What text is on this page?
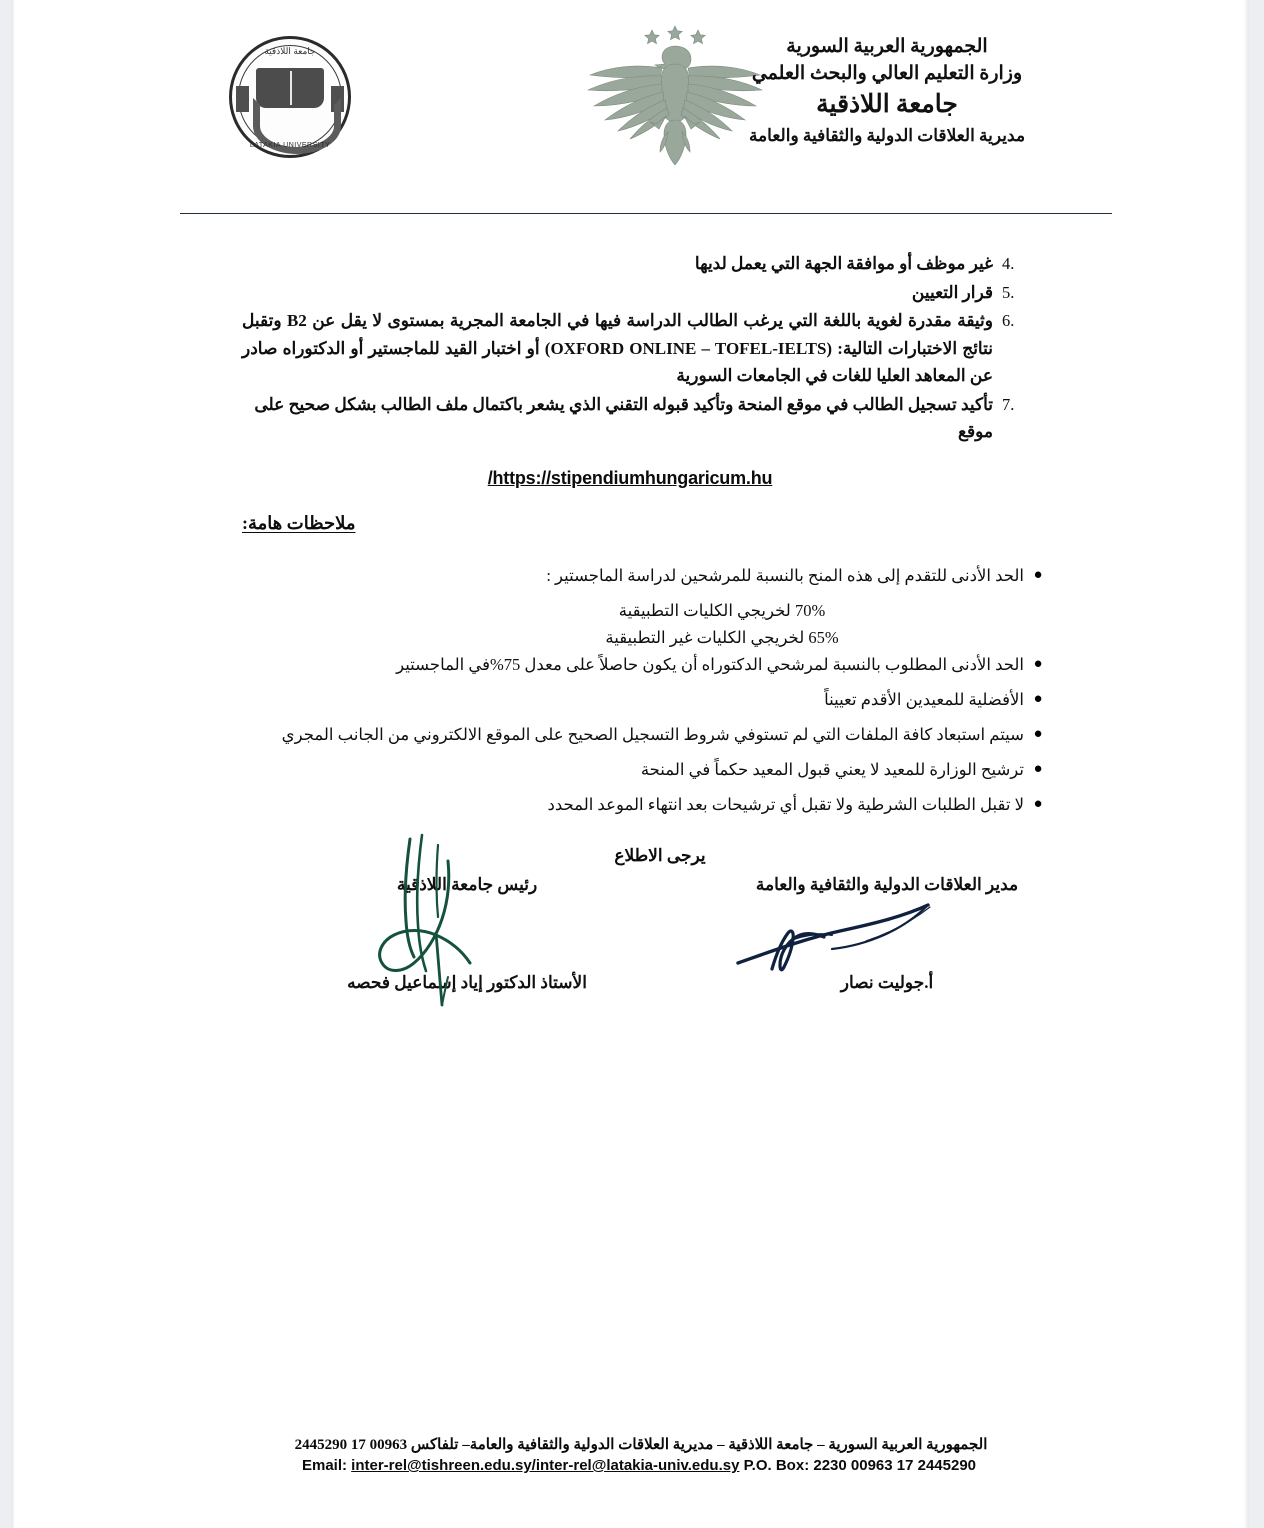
جامعة اللاذقية
LATAKIA UNIVERSITY
الجمهورية العربية السورية
وزارة التعليم العالي والبحث العلمي
جامعة اللاذقية
مديرية العلاقات الدولية والثقافية والعامة
.4
غير موظف أو موافقة الجهة التي يعمل لديها
.5
قرار التعيين
.6
وثيقة مقدرة لغوية باللغة التي يرغب الطالب الدراسة فيها في الجامعة المجرية بمستوى لا يقل عن B2 وتقبل نتائج الاختبارات التالية: (OXFORD ONLINE – TOFEL-IELTS) أو اختبار القيد للماجستير أو الدكتوراه صادر عن المعاهد العليا للغات في الجامعات السورية
.7
تأكيد تسجيل الطالب في موقع المنحة وتأكيد قبوله التقني الذي يشعر باكتمال ملف الطالب بشكل صحيح على موقع
/https://stipendiumhungaricum.hu
ملاحظات هامة:
●
الحد الأدنى للتقدم إلى هذه المنح بالنسبة للمرشحين لدراسة الماجستير :
70% لخريجي الكليات التطبيقية
65% لخريجي الكليات غير التطبيقية
●
الحد الأدنى المطلوب بالنسبة لمرشحي الدكتوراه أن يكون حاصلاً على معدل 75%في الماجستير
●
الأفضلية للمعيدين الأقدم تعييناً
●
سيتم استبعاد كافة الملفات التي لم تستوفي شروط التسجيل الصحيح على الموقع الالكتروني من الجانب المجري
●
ترشيح الوزارة للمعيد لا يعني قبول المعيد حكماً في المنحة
●
لا تقبل الطلبات الشرطية ولا تقبل أي ترشيحات بعد انتهاء الموعد المحدد
يرجى الاطلاع
مدير العلاقات الدولية والثقافية والعامة
أ.جوليت نصار
رئيس جامعة اللاذقية
الأستاذ الدكتور إياد إسماعيل فحصه
الجمهورية العربية السورية – جامعة اللاذقية – مديرية العلاقات الدولية والثقافية والعامة– تلفاكس 00963 17 2445290
Email: inter-rel@tishreen.edu.sy/inter-rel@latakia-univ.edu.sy P.O. Box: 2230 00963 17 2445290
